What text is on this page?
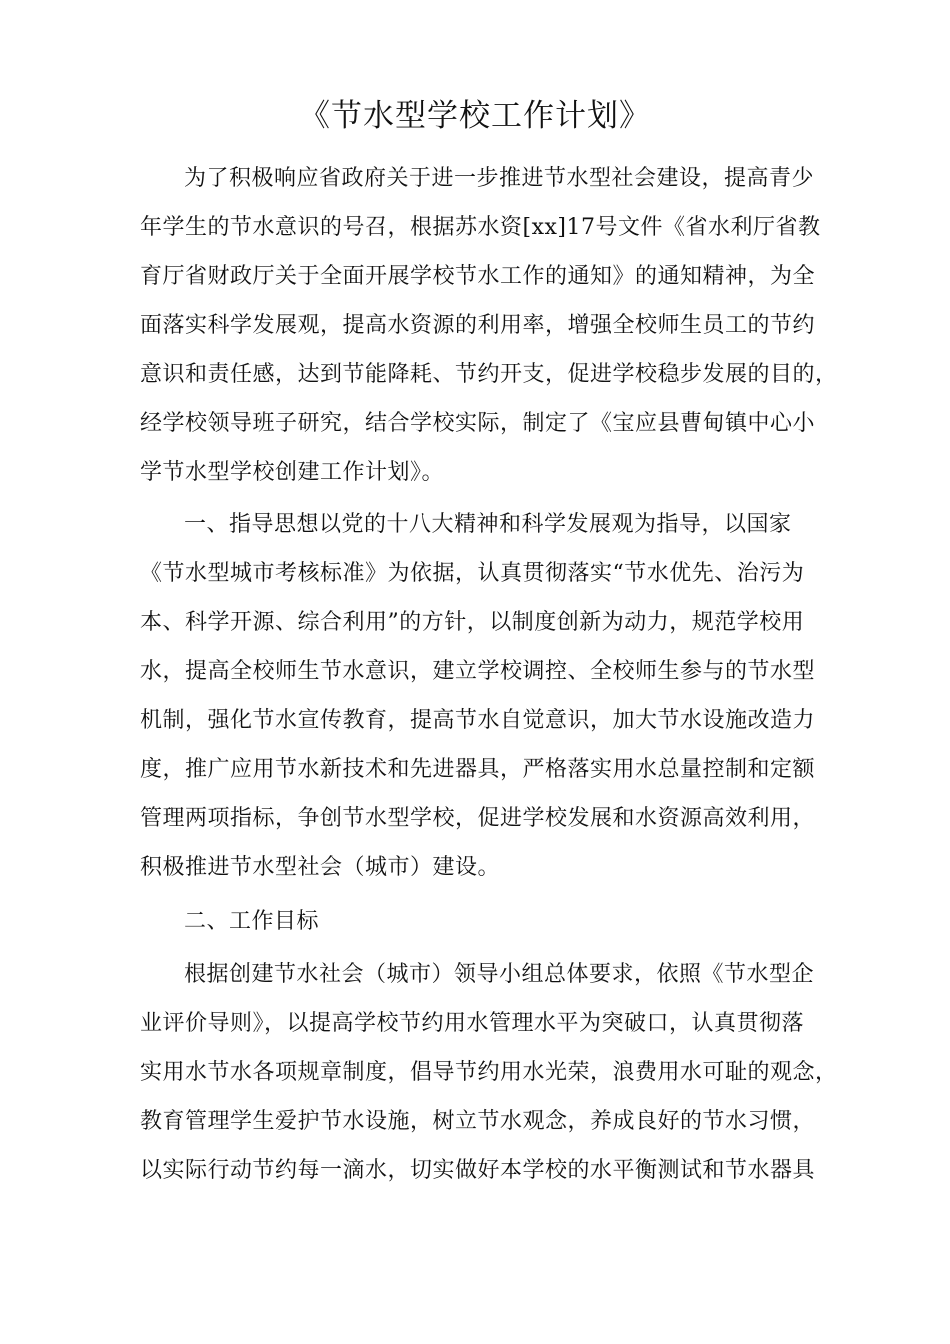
《节水型学校工作计划》
为了积极响应省政府关于进一步推进节水型社会建设，提高青少
年学生的节水意识的号召，根据苏水资[xx]17号文件《省水利厅省教
育厅省财政厅关于全面开展学校节水工作的通知》的通知精神，为全
面落实科学发展观，提高水资源的利用率，增强全校师生员工的节约
意识和责任感，达到节能降耗、节约开支，促进学校稳步发展的目的，
经学校领导班子研究，结合学校实际，制定了《宝应县曹甸镇中心小
学节水型学校创建工作计划》。
一、指导思想以党的十八大精神和科学发展观为指导，以国家
《节水型城市考核标准》为依据，认真贯彻落实“节水优先、治污为
本、科学开源、综合利用”的方针，以制度创新为动力，规范学校用
水，提高全校师生节水意识，建立学校调控、全校师生参与的节水型
机制，强化节水宣传教育，提高节水自觉意识，加大节水设施改造力
度，推广应用节水新技术和先进器具，严格落实用水总量控制和定额
管理两项指标，争创节水型学校，促进学校发展和水资源高效利用，
积极推进节水型社会（城市）建设。
二、工作目标
根据创建节水社会（城市）领导小组总体要求，依照《节水型企
业评价导则》，以提高学校节约用水管理水平为突破口，认真贯彻落
实用水节水各项规章制度，倡导节约用水光荣，浪费用水可耻的观念，
教育管理学生爱护节水设施，树立节水观念，养成良好的节水习惯，
以实际行动节约每一滴水，切实做好本学校的水平衡测试和节水器具
